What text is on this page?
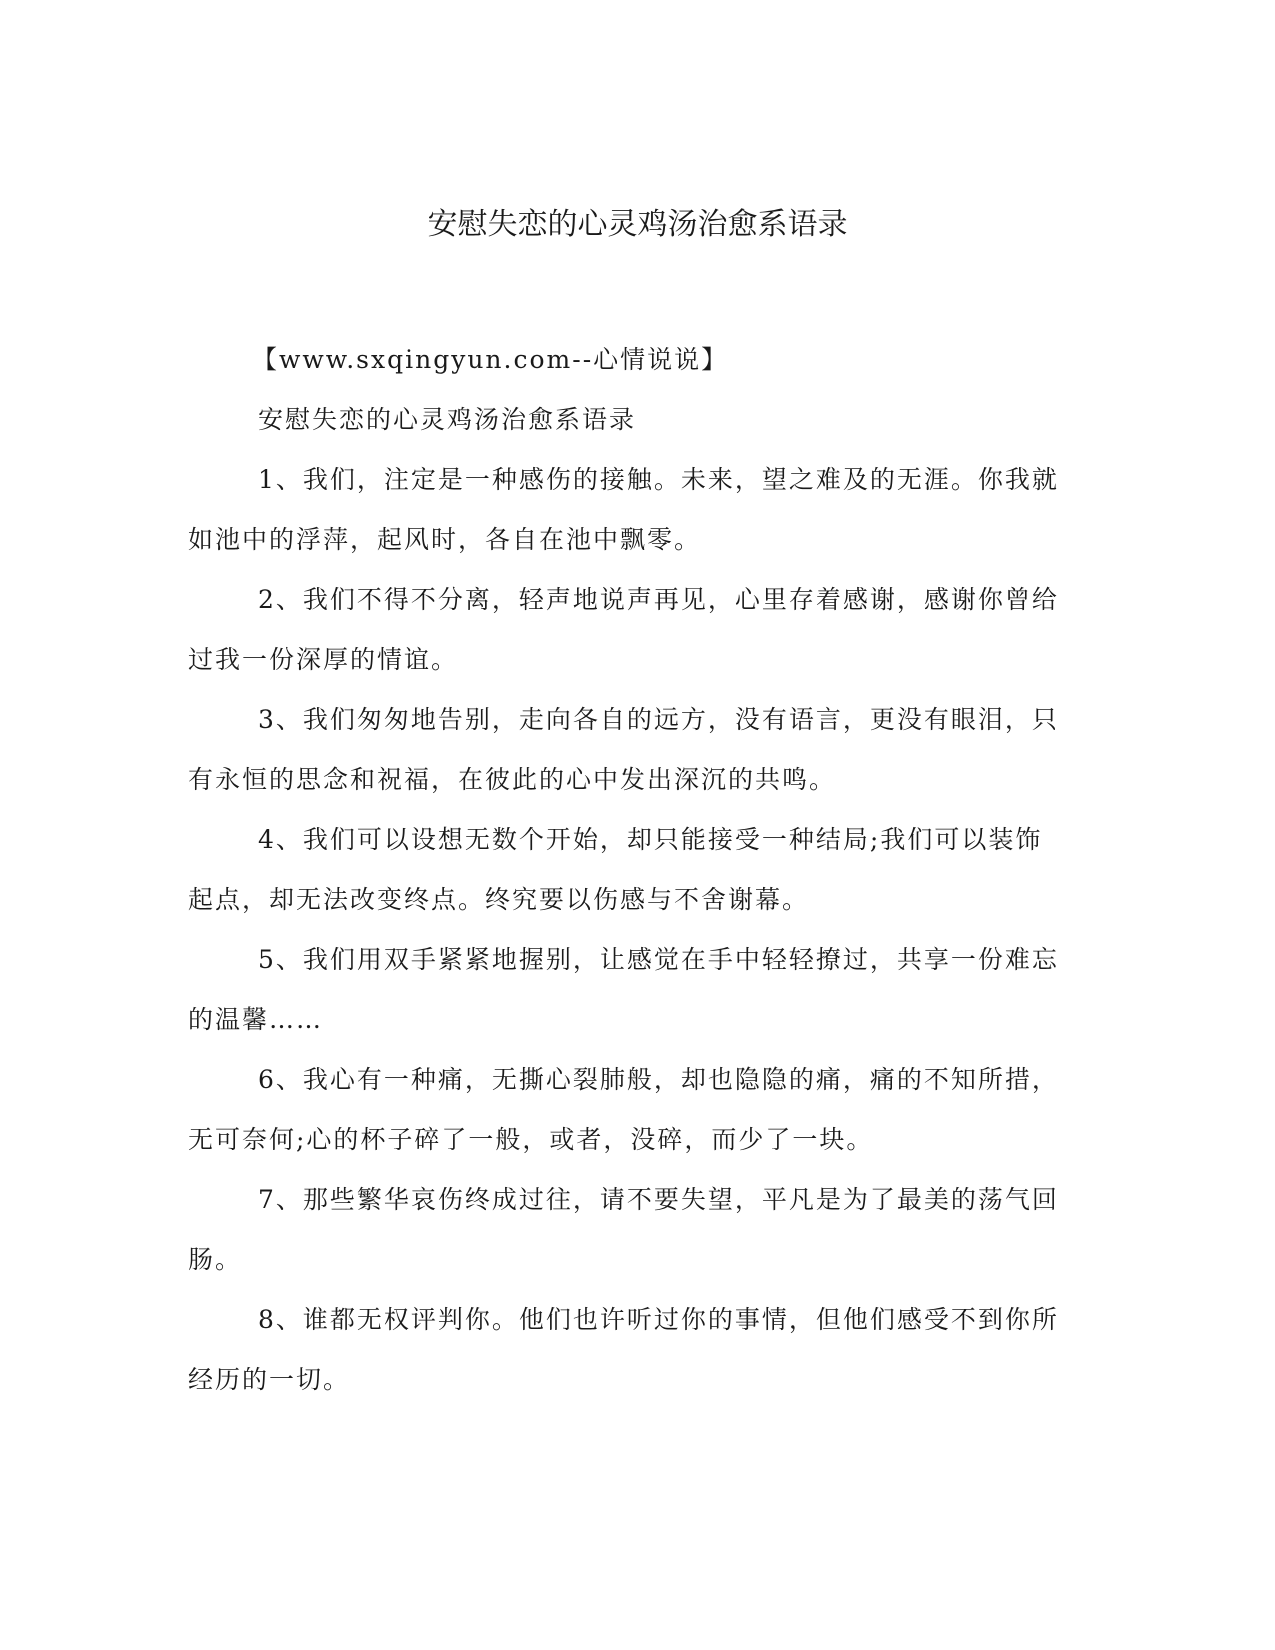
安慰失恋的心灵鸡汤治愈系语录

【www.sxqingyun.com--心情说说】

安慰失恋的心灵鸡汤治愈系语录

1、我们，注定是一种感伤的接触。未来，望之难及的无涯。你我就如池中的浮萍，起风时，各自在池中飘零。

2、我们不得不分离，轻声地说声再见，心里存着感谢，感谢你曾给过我一份深厚的情谊。

3、我们匆匆地告别，走向各自的远方，没有语言，更没有眼泪，只有永恒的思念和祝福，在彼此的心中发出深沉的共鸣。

4、我们可以设想无数个开始，却只能接受一种结局;我们可以装饰起点，却无法改变终点。终究要以伤感与不舍谢幕。

5、我们用双手紧紧地握别，让感觉在手中轻轻撩过，共享一份难忘的温馨……

6、我心有一种痛，无撕心裂肺般，却也隐隐的痛，痛的不知所措，无可奈何;心的杯子碎了一般，或者，没碎，而少了一块。

7、那些繁华哀伤终成过往，请不要失望，平凡是为了最美的荡气回肠。

8、谁都无权评判你。他们也许听过你的事情，但他们感受不到你所经历的一切。
